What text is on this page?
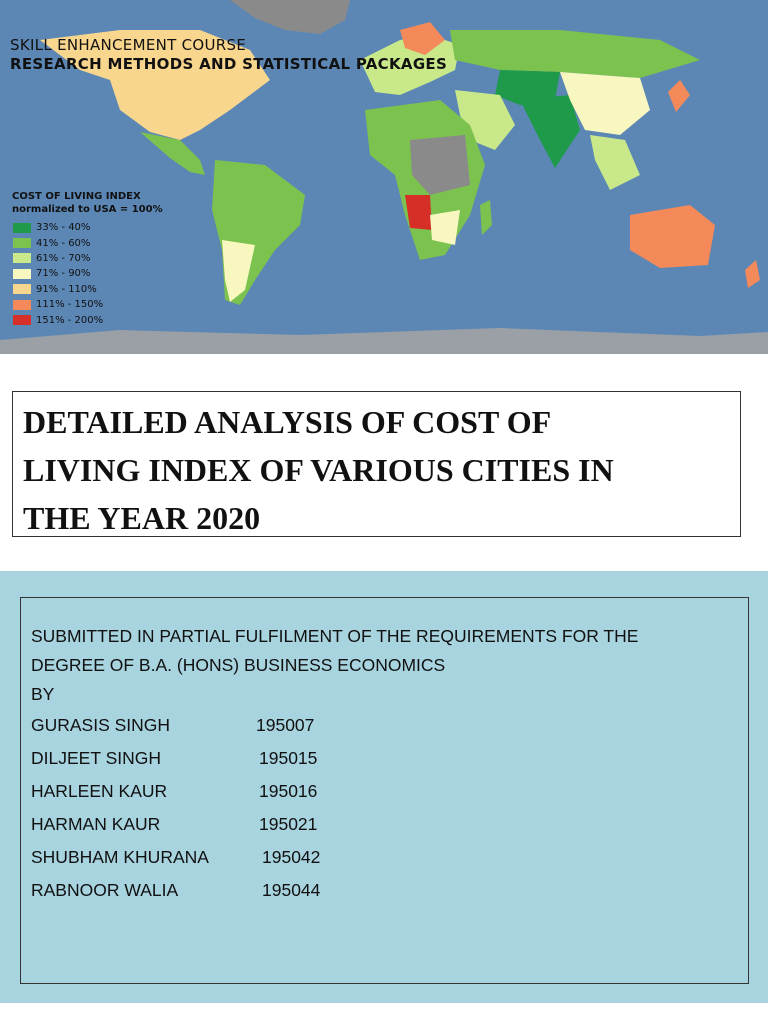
SKILL ENHANCEMENT COURSE
RESEARCH METHODS AND STATISTICAL PACKAGES
COST OF LIVING INDEX
normalized to USA = 100%
33% - 40%
41% - 60%
61% - 70%
71% - 90%
91% - 110%
111% - 150%
151% - 200%

DETAILED ANALYSIS OF COST OF

LIVING INDEX OF VARIOUS CITIES IN

THE YEAR 2020

SUBMITTED IN PARTIAL FULFILMENT OF THE REQUIREMENTS FOR THE

DEGREE OF B.A. (HONS) BUSINESS ECONOMICS

BY

GURASIS SINGH	195007
DILJEET SINGH	195015
HARLEEN KAUR	195016
HARMAN KAUR	195021
SHUBHAM KHURANA	195042
RABNOOR WALIA	195044
